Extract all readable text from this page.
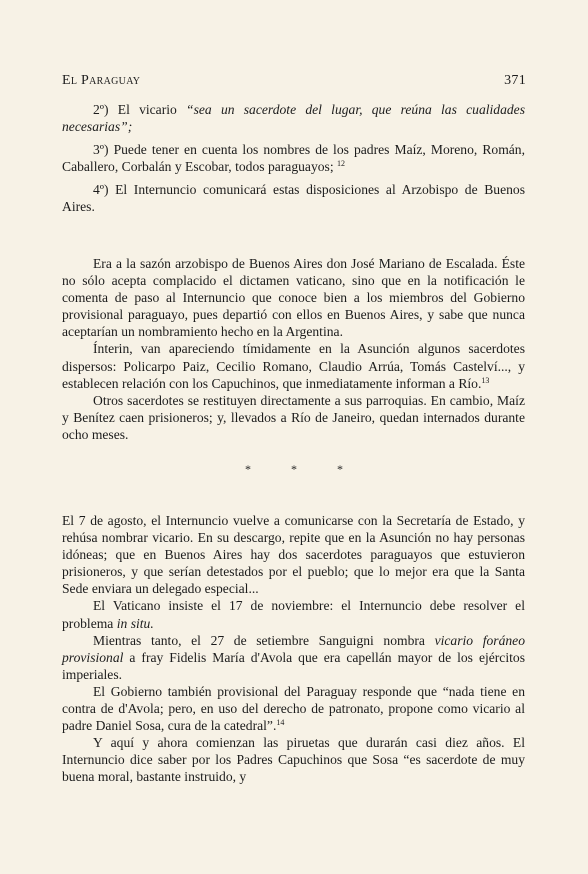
El Paraguay	371

2º) El vicario “sea un sacerdote del lugar, que reúna las cualidades necesarias”;

3º) Puede tener en cuenta los nombres de los padres Maíz, Moreno, Román, Caballero, Corbalán y Escobar, todos paraguayos; $^{12}$

4º) El Internuncio comunicará estas disposiciones al Arzobispo de Buenos Aires.

Era a la sazón arzobispo de Buenos Aires don José Mariano de Escalada. Éste no sólo acepta complacido el dictamen vaticano, sino que en la notificación le comenta de paso al Internuncio que conoce bien a los miembros del Gobierno provisional paraguayo, pues departió con ellos en Buenos Aires, y sabe que nunca aceptarían un nombramiento hecho en la Argentina.

Ínterin, van apareciendo tímidamente en la Asunción algunos sacerdotes dispersos: Policarpo Paiz, Cecilio Romano, Claudio Arrúa, Tomás Castelví..., y establecen relación con los Capuchinos, que inmediatamente informan a Río.$^{13}$

Otros sacerdotes se restituyen directamente a sus parroquias. En cambio, Maíz y Benítez caen prisioneros; y, llevados a Río de Janeiro, quedan internados durante ocho meses.

*	*	*

El 7 de agosto, el Internuncio vuelve a comunicarse con la Secretaría de Estado, y rehúsa nombrar vicario. En su descargo, repite que en la Asunción no hay personas idóneas; que en Buenos Aires hay dos sacerdotes paraguayos que estuvieron prisioneros, y que serían detestados por el pueblo; que lo mejor era que la Santa Sede enviara un delegado especial...

El Vaticano insiste el 17 de noviembre: el Internuncio debe resolver el problema in situ.

Mientras tanto, el 27 de setiembre Sanguigni nombra vicario foráneo provisional a fray Fidelis María d'Avola que era capellán mayor de los ejércitos imperiales.

El Gobierno también provisional del Paraguay responde que “nada tiene en contra de d'Avola; pero, en uso del derecho de patronato, propone como vicario al padre Daniel Sosa, cura de la catedral”.$^{14}$

Y aquí y ahora comienzan las piruetas que durarán casi diez años. El Internuncio dice saber por los Padres Capuchinos que Sosa “es sacerdote de muy buena moral, bastante instruido, y
